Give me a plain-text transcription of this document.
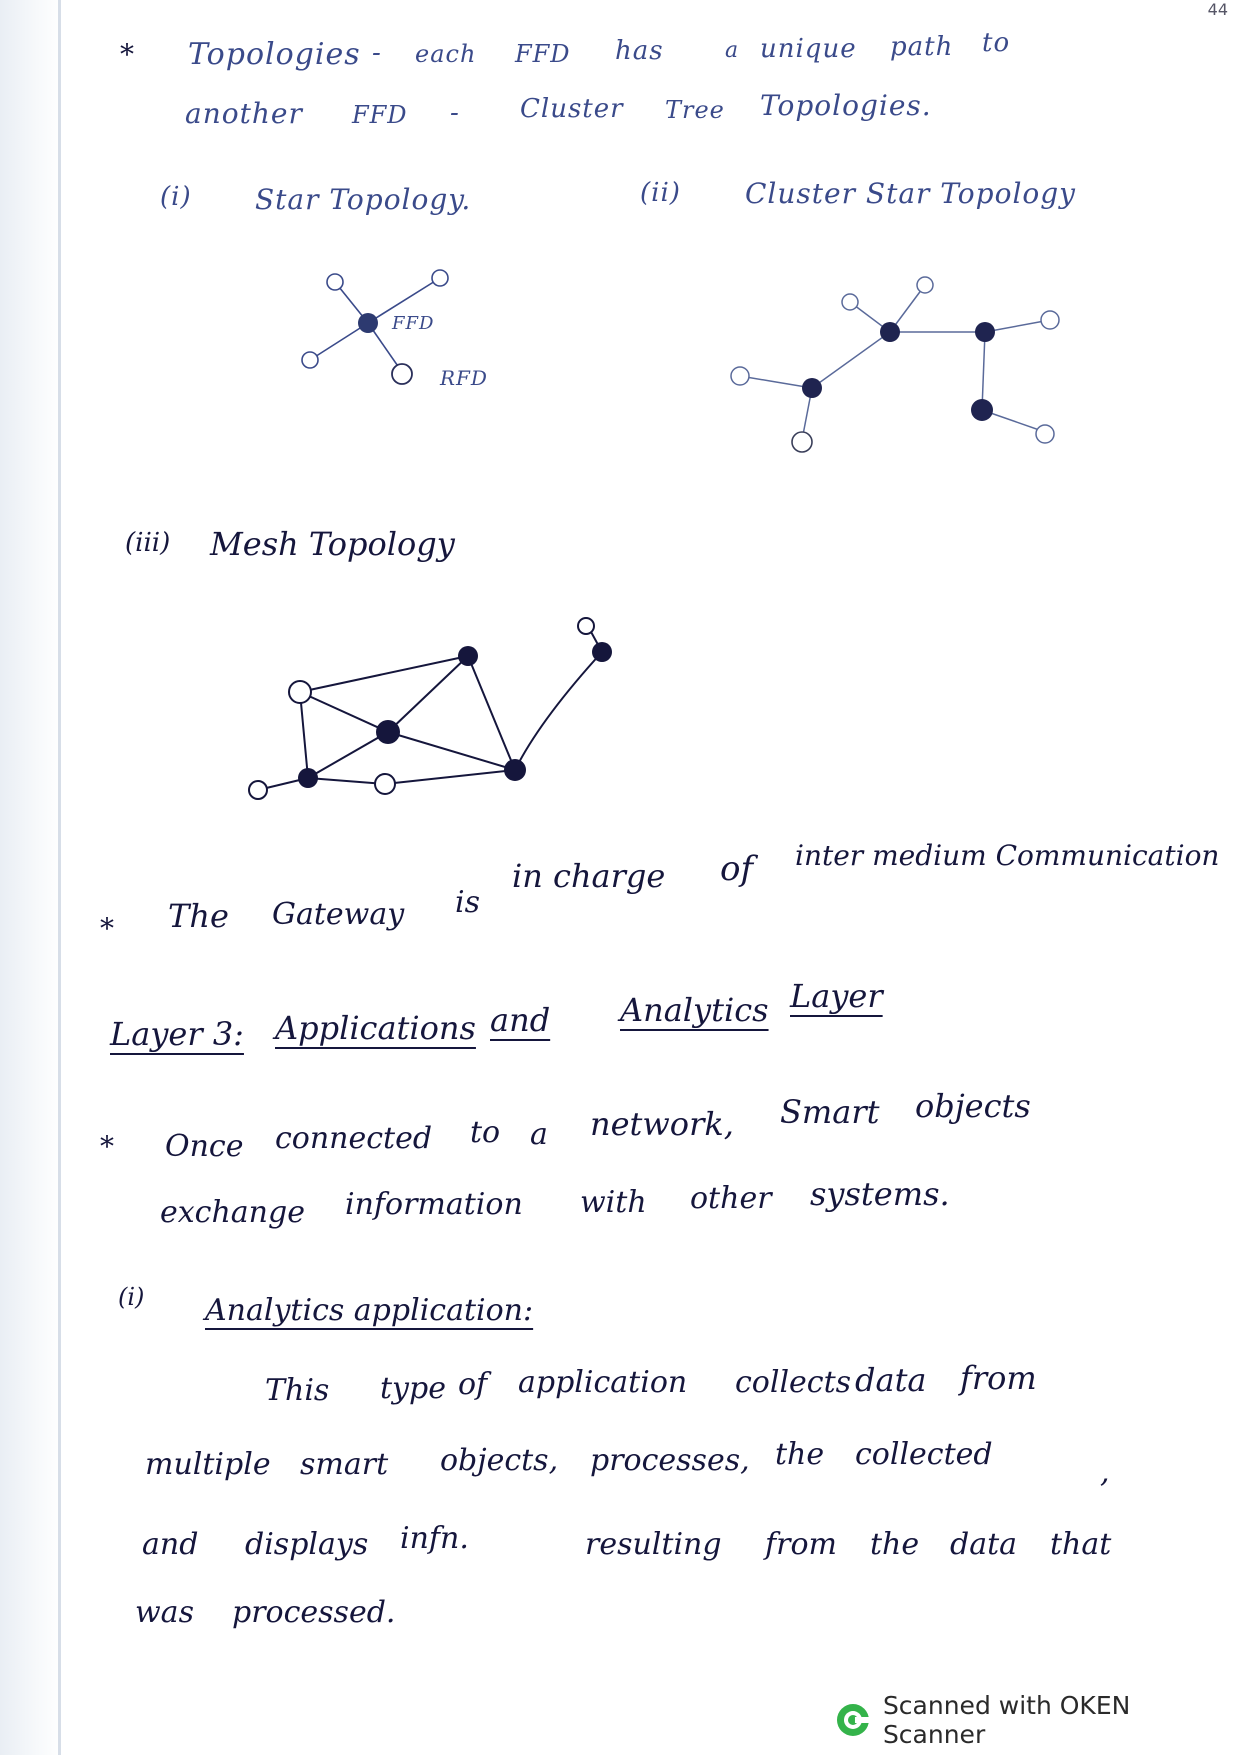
44
* Topologies - each FFD has	a unique path to
another FFD - Cluster Tree Topologies.
(i) Star Topology.	(ii) Cluster Star Topology
FFD
RFD
(iii) Mesh Topology
* The Gateway is
in charge of inter medium Communication
Layer 3: Applications and Analytics Layer
* Once connected to a network, Smart objects
exchange information with other systems.
(i) Analytics application:
This type of application collects data from
multiple smart objects, processes, the collected
,
and displays infn.	resulting from the data that
was processed.
Scanned with OKEN Scanner
